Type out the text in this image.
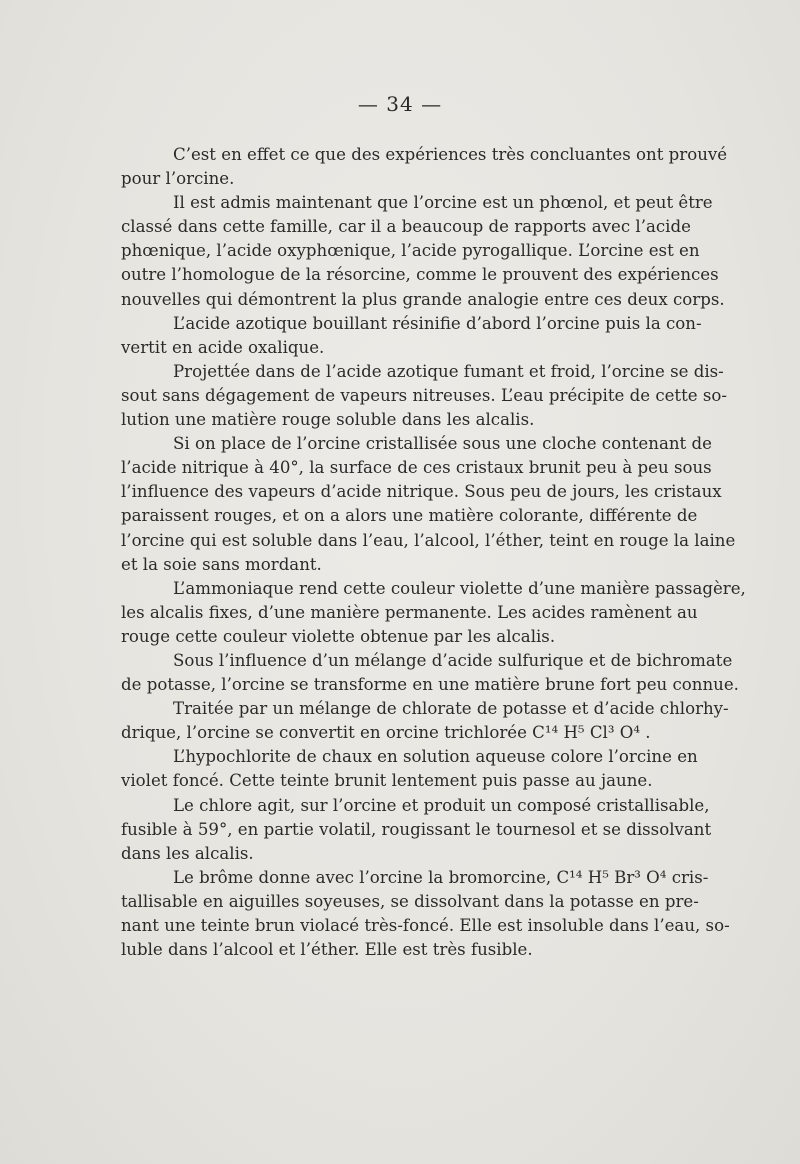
— 34 —
C’est en effet ce que des expériences très concluantes ont prouvé
pour l’orcine.
Il est admis maintenant que l’orcine est un phœnol, et peut être
classé dans cette famille, car il a beaucoup de rapports avec l’acide
phœnique, l’acide oxyphœnique, l’acide pyrogallique. L’orcine est en
outre l’homologue de la résorcine, comme le prouvent des expériences
nouvelles qui démontrent la plus grande analogie entre ces deux corps.
L’acide azotique bouillant résinifie d’abord l’orcine puis la con-
vertit en acide oxalique.
Projettée dans de l’acide azotique fumant et froid, l’orcine se dis-
sout sans dégagement de vapeurs nitreuses. L’eau précipite de cette so-
lution une matière rouge soluble dans les alcalis.
Si on place de l’orcine cristallisée sous une cloche contenant de
l’acide nitrique à 40°, la surface de ces cristaux brunit peu à peu sous
l’influence des vapeurs d’acide nitrique. Sous peu de jours, les cristaux
paraissent rouges, et on a alors une matière colorante, différente de
l’orcine qui est soluble dans l’eau, l’alcool, l’éther, teint en rouge la laine
et la soie sans mordant.
L’ammoniaque rend cette couleur violette d’une manière passagère,
les alcalis fixes, d’une manière permanente. Les acides ramènent au
rouge cette couleur violette obtenue par les alcalis.
Sous l’influence d’un mélange d’acide sulfurique et de bichromate
de potasse, l’orcine se transforme en une matière brune fort peu connue.
Traitée par un mélange de chlorate de potasse et d’acide chlorhy-
drique, l’orcine se convertit en orcine trichlorée C¹⁴ H⁵ Cl³ O⁴ .
L’hypochlorite de chaux en solution aqueuse colore l’orcine en
violet foncé. Cette teinte brunit lentement puis passe au jaune.
Le chlore agit, sur l’orcine et produit un composé cristallisable,
fusible à 59°, en partie volatil, rougissant le tournesol et se dissolvant
dans les alcalis.
Le brôme donne avec l’orcine la bromorcine, C¹⁴ H⁵ Br³ O⁴ cris-
tallisable en aiguilles soyeuses, se dissolvant dans la potasse en pre-
nant une teinte brun violacé très-foncé. Elle est insoluble dans l’eau, so-
luble dans l’alcool et l’éther. Elle est très fusible.
